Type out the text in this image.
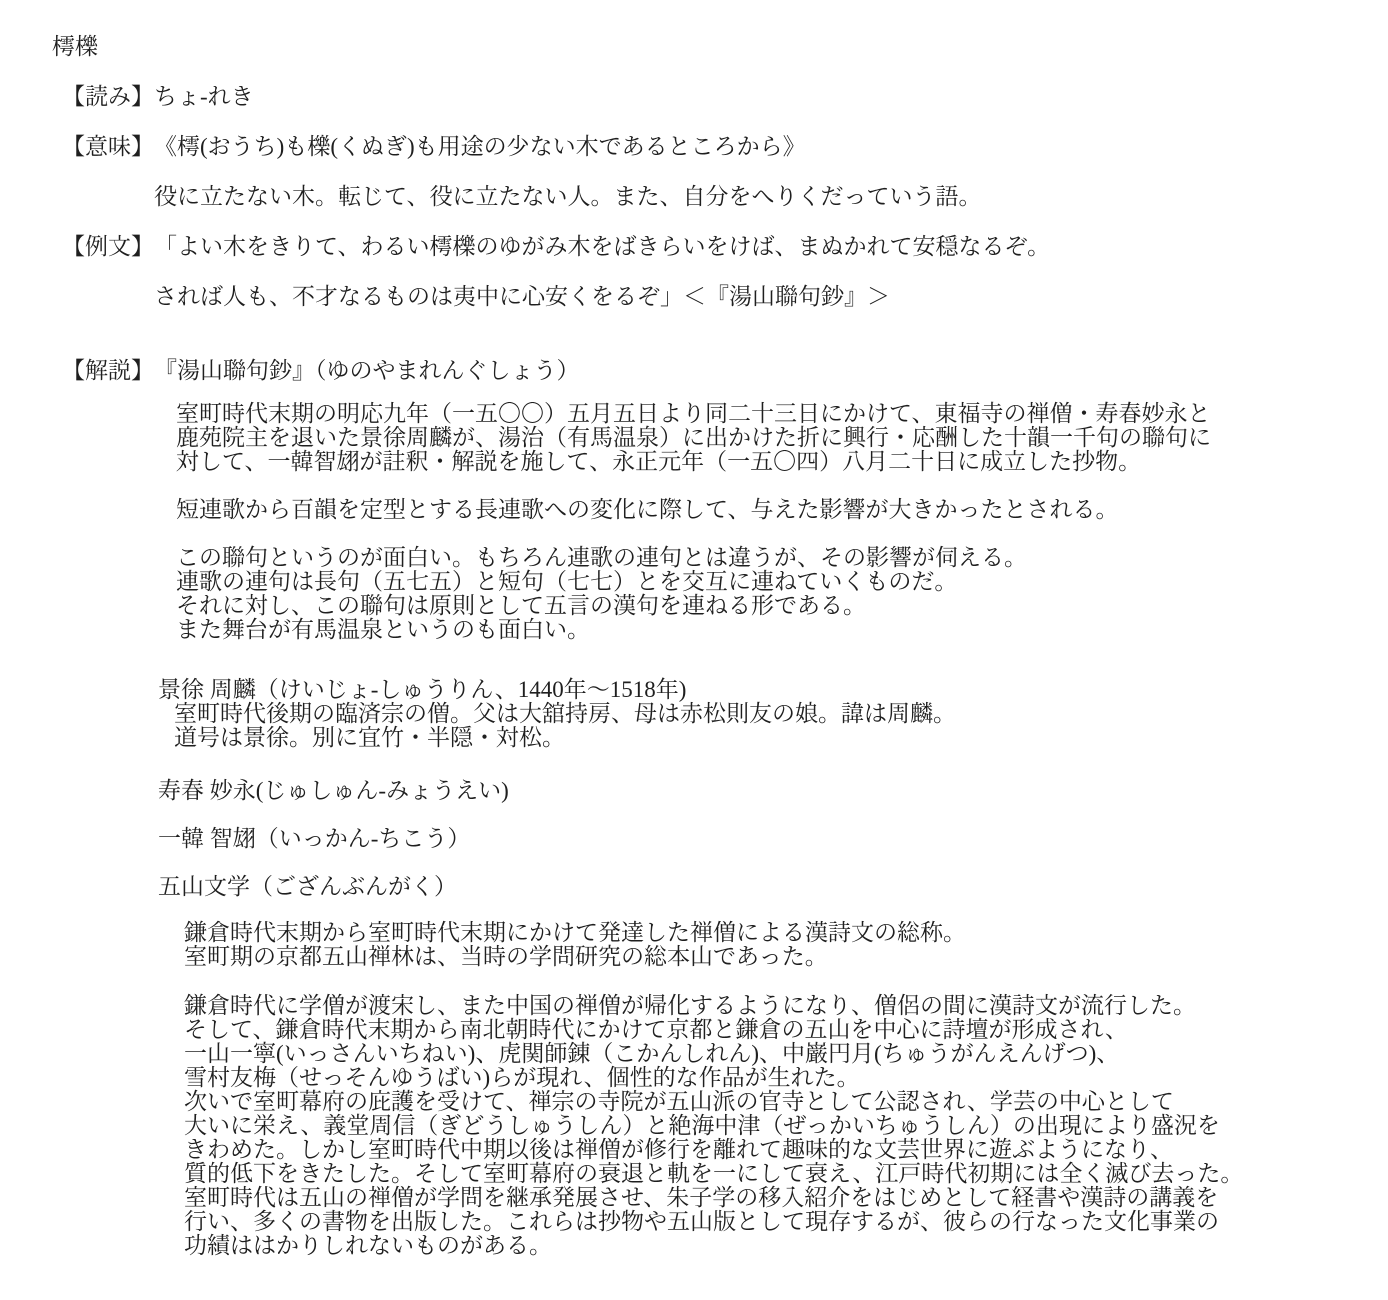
樗櫟
【読み】 ちょ‐れき
【意味】 《樗(おうち)も櫟(くぬぎ)も用途の少ない木であるところから》
役に立たない木。転じて、役に立たない人。また、自分をへりくだっていう語。
【例文】 「よい木をきりて、わるい樗櫟のゆがみ木をばきらいをけば、まぬかれて安穏なるぞ。
されば人も、不才なるものは夷中に心安くをるぞ」＜『湯山聯句鈔』＞
【解説】 『湯山聯句鈔』（ゆのやまれんぐしょう）
室町時代末期の明応九年（一五〇〇）五月五日より同二十三日にかけて、東福寺の禅僧・寿春妙永と
鹿苑院主を退いた景徐周麟が、湯治（有馬温泉）に出かけた折に興行・応酬した十韻一千句の聯句に
対して、一韓智翃が註釈・解説を施して、永正元年（一五〇四）八月二十日に成立した抄物。
短連歌から百韻を定型とする長連歌への変化に際して、与えた影響が大きかったとされる。
この聯句というのが面白い。もちろん連歌の連句とは違うが、その影響が伺える。
連歌の連句は長句（五七五）と短句（七七）とを交互に連ねていくものだ。
それに対し、この聯句は原則として五言の漢句を連ねる形である。
また舞台が有馬温泉というのも面白い。
景徐 周麟（けいじょ‐しゅうりん、1440年〜1518年)
室町時代後期の臨済宗の僧。父は大舘持房、母は赤松則友の娘。諱は周麟。
道号は景徐。別に宜竹・半隠・対松。
寿春 妙永(じゅしゅん‐みょうえい)
一韓 智翃（いっかん‐ちこう）
五山文学（ござんぶんがく）
鎌倉時代末期から室町時代末期にかけて発達した禅僧による漢詩文の総称。
室町期の京都五山禅林は、当時の学問研究の総本山であった。
鎌倉時代に学僧が渡宋し、また中国の禅僧が帰化するようになり、僧侶の間に漢詩文が流行した。
そして、鎌倉時代末期から南北朝時代にかけて京都と鎌倉の五山を中心に詩壇が形成され、
一山一寧(いっさんいちねい)、虎関師錬（こかんしれん)、中巌円月(ちゅうがんえんげつ)、
雪村友梅（せっそんゆうばい)らが現れ、個性的な作品が生れた。
次いで室町幕府の庇護を受けて、禅宗の寺院が五山派の官寺として公認され、学芸の中心として
大いに栄え、義堂周信（ぎどうしゅうしん）と絶海中津（ぜっかいちゅうしん）の出現により盛況を
きわめた。しかし室町時代中期以後は禅僧が修行を離れて趣味的な文芸世界に遊ぶようになり、
質的低下をきたした。そして室町幕府の衰退と軌を一にして衰え、江戸時代初期には全く滅び去った。
室町時代は五山の禅僧が学問を継承発展させ、朱子学の移入紹介をはじめとして経書や漢詩の講義を
行い、多くの書物を出版した。これらは抄物や五山版として現存するが、彼らの行なった文化事業の
功績ははかりしれないものがある。
